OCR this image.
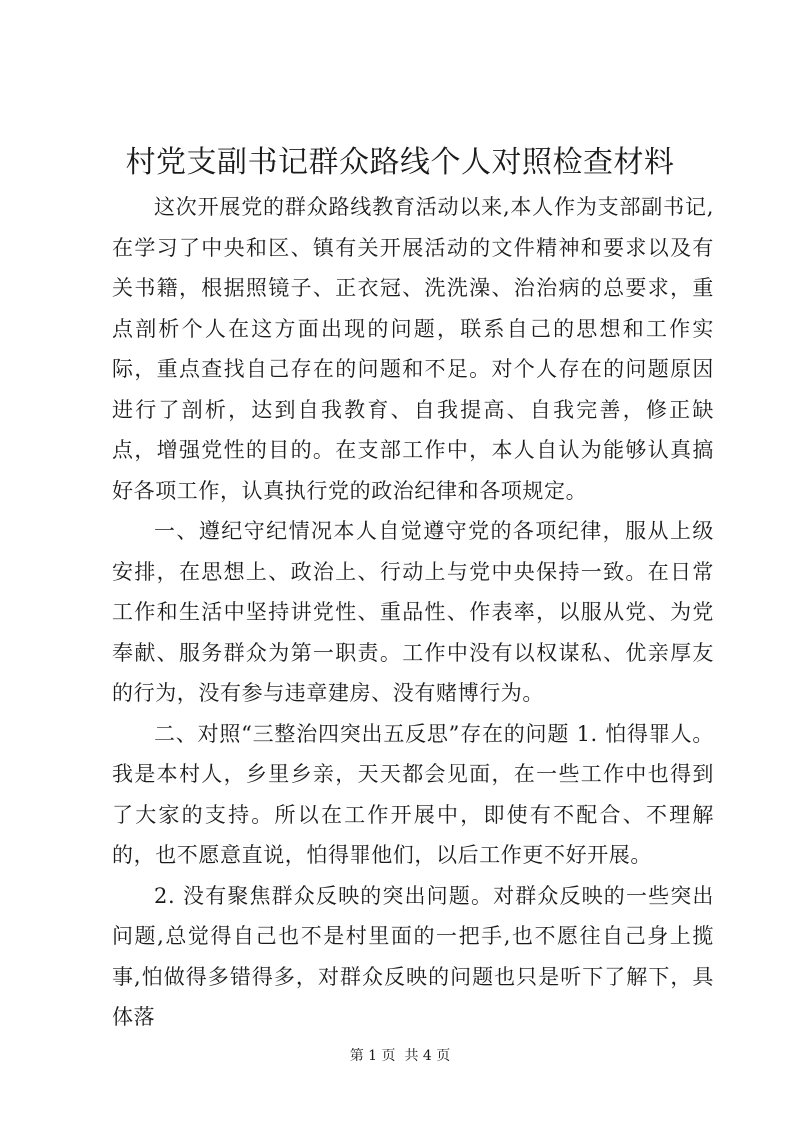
村党支副书记群众路线个人对照检查材料

这次开展党的群众路线教育活动以来,本人作为支部副书记,在学习了中央和区、镇有关开展活动的文件精神和要求以及有关书籍，根据照镜子、正衣冠、洗洗澡、治治病的总要求，重点剖析个人在这方面出现的问题，联系自己的思想和工作实际，重点查找自己存在的问题和不足。对个人存在的问题原因进行了剖析，达到自我教育、自我提高、自我完善，修正缺点，增强党性的目的。在支部工作中，本人自认为能够认真搞好各项工作，认真执行党的政治纪律和各项规定。

一、遵纪守纪情况本人自觉遵守党的各项纪律，服从上级安排，在思想上、政治上、行动上与党中央保持一致。在日常工作和生活中坚持讲党性、重品性、作表率，以服从党、为党奉献、服务群众为第一职责。工作中没有以权谋私、优亲厚友的行为，没有参与违章建房、没有赌博行为。

二、对照“三整治四突出五反思”存在的问题 1. 怕得罪人。我是本村人，乡里乡亲，天天都会见面，在一些工作中也得到了大家的支持。所以在工作开展中，即使有不配合、不理解的，也不愿意直说，怕得罪他们，以后工作更不好开展。

2. 没有聚焦群众反映的突出问题。对群众反映的一些突出问题,总觉得自己也不是村里面的一把手,也不愿往自己身上揽事,怕做得多错得多，对群众反映的问题也只是听下了解下，具体落

第 1 页  共 4 页
